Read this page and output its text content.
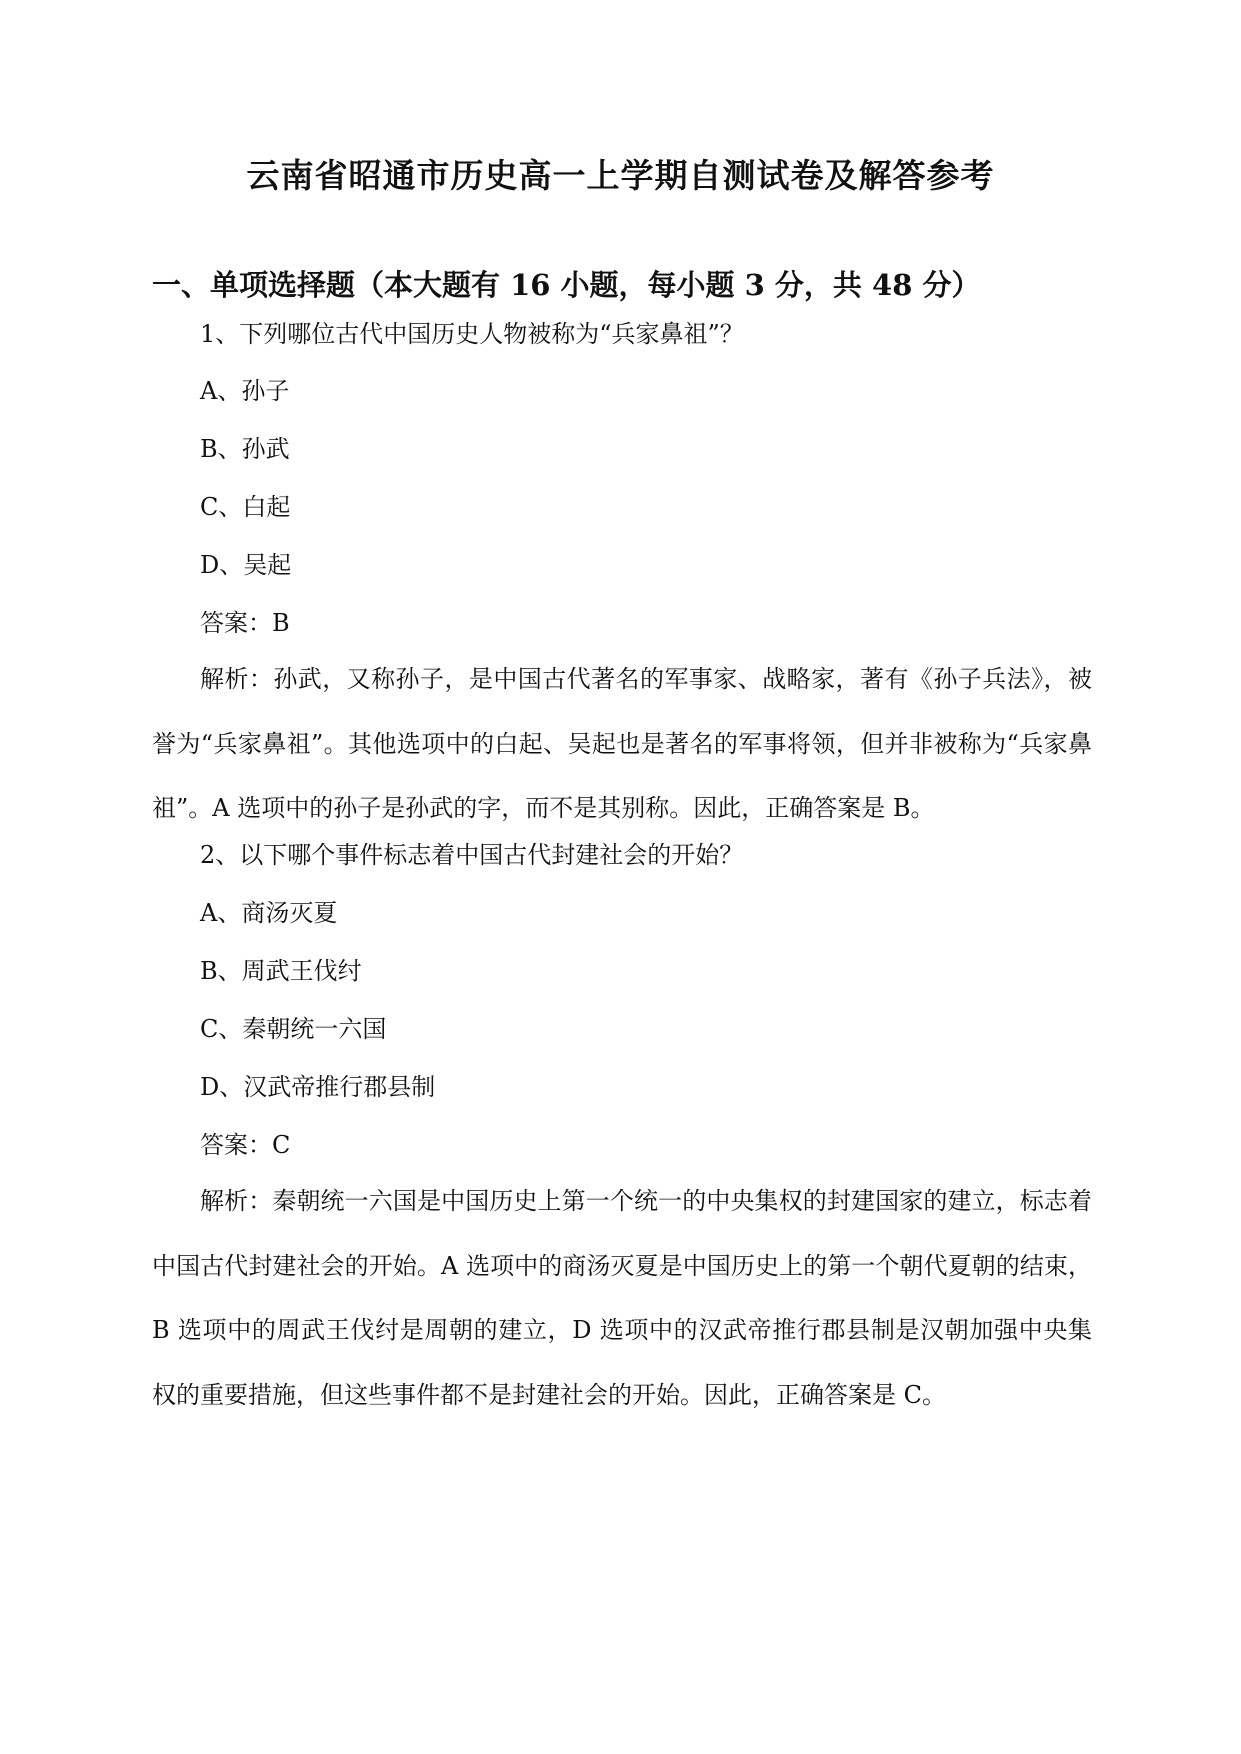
云南省昭通市历史高一上学期自测试卷及解答参考
一、单项选择题（本大题有 16 小题，每小题 3 分，共 48 分）
1、下列哪位古代中国历史人物被称为“兵家鼻祖”？
A、孙子
B、孙武
C、白起
D、吴起
答案：B
解析：孙武，又称孙子，是中国古代著名的军事家、战略家，著有《孙子兵法》，被誉为“兵家鼻祖”。其他选项中的白起、吴起也是著名的军事将领，但并非被称为“兵家鼻祖”。A 选项中的孙子是孙武的字，而不是其别称。因此，正确答案是 B。
2、以下哪个事件标志着中国古代封建社会的开始？
A、商汤灭夏
B、周武王伐纣
C、秦朝统一六国
D、汉武帝推行郡县制
答案：C
解析：秦朝统一六国是中国历史上第一个统一的中央集权的封建国家的建立，标志着中国古代封建社会的开始。A 选项中的商汤灭夏是中国历史上的第一个朝代夏朝的结束，B 选项中的周武王伐纣是周朝的建立，D 选项中的汉武帝推行郡县制是汉朝加强中央集权的重要措施，但这些事件都不是封建社会的开始。因此，正确答案是 C。
